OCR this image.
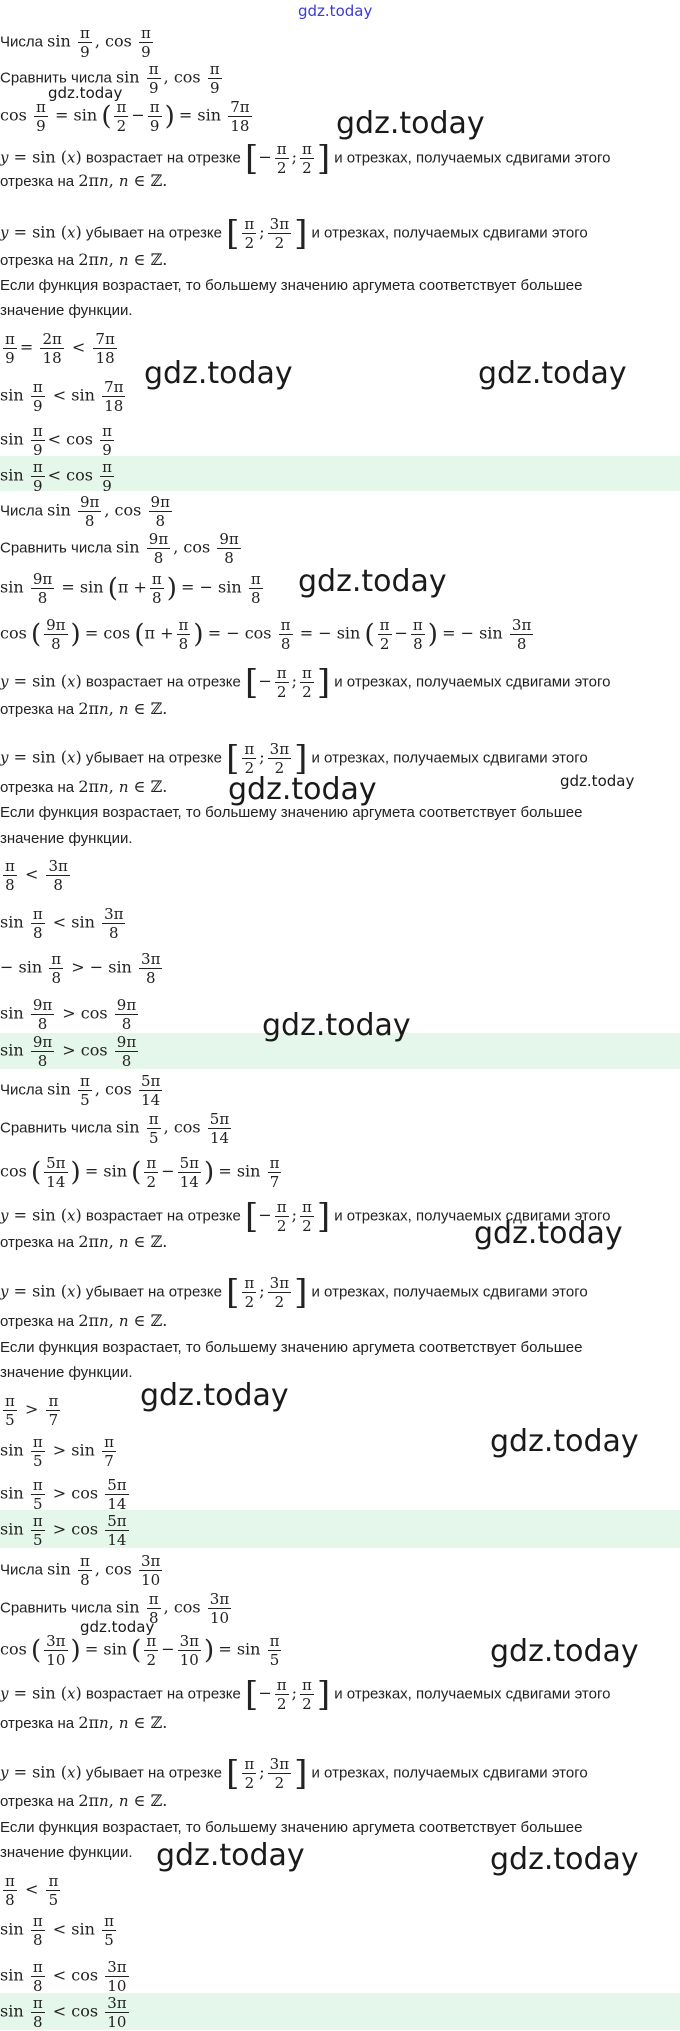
Числа $\sin \frac{\pi}{9}$ , $\cos \frac{\pi}{9}$
Сравнить числа $\sin \frac{\pi}{9}$ , $\cos \frac{\pi}{9}$
$\cos \frac{\pi}{9} = \sin$ ( $\frac{\pi}{2} - \frac{\pi}{9}$ ) = $\sin \frac{7\pi}{18}$
y = sin (x) возрастает на отрезке [− $\frac{\pi}{2}$ ; $\frac{\pi}{2}$ ] и отрезках, получаемых сдвигами этого
отрезка на 2πn, n ∈ ℤ.
y = sin (x) убывает на отрезке [ $\frac{\pi}{2}$ ; $\frac{3\pi}{2}$ ] и отрезках, получаемых сдвигами этого
отрезка на 2πn, n ∈ ℤ.
Если функция возрастает, то большему значению аргумета соответствует большее
значение функции.
$\frac{\pi}{9} = \frac{2\pi}{18} < \frac{7\pi}{18}$
$\sin \frac{\pi}{9} < \sin \frac{7\pi}{18}$
$\sin \frac{\pi}{9} < \cos \frac{\pi}{9}$
$\sin \frac{\pi}{9} < \cos \frac{\pi}{9}$
Числа $\sin \frac{9\pi}{8}$ , $\cos \frac{9\pi}{8}$
Сравнить числа $\sin \frac{9\pi}{8}$ , $\cos \frac{9\pi}{8}$
$\sin \frac{9\pi}{8} = \sin (\pi + \frac{\pi}{8}$ ) = − $\sin \frac{\pi}{8}$
cos ( $\frac{9\pi}{8}$ ) = $\cos (\pi + \frac{\pi}{8}$ ) = − $\cos \frac{\pi}{8}$ = − sin ( $\frac{\pi}{2} - \frac{\pi}{8}$ ) = − $\sin \frac{3\pi}{8}$
y = sin (x) возрастает на отрезке [− $\frac{\pi}{2}$ ; $\frac{\pi}{2}$ ] и отрезках, получаемых сдвигами этого
отрезка на 2πn, n ∈ ℤ.
y = sin (x) убывает на отрезке [ $\frac{\pi}{2}$ ; $\frac{3\pi}{2}$ ] и отрезках, получаемых сдвигами этого
отрезка на 2πn, n ∈ ℤ.
Если функция возрастает, то большему значению аргумета соответствует большее
значение функции.
$\frac{\pi}{8} < \frac{3\pi}{8}$
$\sin \frac{\pi}{8} < \sin \frac{3\pi}{8}$
− $\sin \frac{\pi}{8}$ > − $\sin \frac{3\pi}{8}$
$\sin \frac{9\pi}{8} > \cos \frac{9\pi}{8}$
$\sin \frac{9\pi}{8} > \cos \frac{9\pi}{8}$
Числа $\sin \frac{\pi}{5}$ , $\cos \frac{5\pi}{14}$
Сравнить числа $\sin \frac{\pi}{5}$ , $\cos \frac{5\pi}{14}$
cos ( $\frac{5\pi}{14}$ ) = sin ( $\frac{\pi}{2} - \frac{5\pi}{14}$ ) = $\sin \frac{\pi}{7}$
y = sin (x) возрастает на отрезке [− $\frac{\pi}{2}$ ; $\frac{\pi}{2}$ ] и отрезках, получаемых сдвигами этого
отрезка на 2πn, n ∈ ℤ.
y = sin (x) убывает на отрезке [ $\frac{\pi}{2}$ ; $\frac{3\pi}{2}$ ] и отрезках, получаемых сдвигами этого
отрезка на 2πn, n ∈ ℤ.
Если функция возрастает, то большему значению аргумета соответствует большее
значение функции.
$\frac{\pi}{5} > \frac{\pi}{7}$
$\sin \frac{\pi}{5} > \sin \frac{\pi}{7}$
$\sin \frac{\pi}{5} > \cos \frac{5\pi}{14}$
$\sin \frac{\pi}{5} > \cos \frac{5\pi}{14}$
Числа $\sin \frac{\pi}{8}$ , $\cos \frac{3\pi}{10}$
Сравнить числа $\sin \frac{\pi}{8}$ , $\cos \frac{3\pi}{10}$
cos ( $\frac{3\pi}{10}$ ) = sin ( $\frac{\pi}{2} - \frac{3\pi}{10}$ ) = $\sin \frac{\pi}{5}$
y = sin (x) возрастает на отрезке [− $\frac{\pi}{2}$ ; $\frac{\pi}{2}$ ] и отрезках, получаемых сдвигами этого
отрезка на 2πn, n ∈ ℤ.
y = sin (x) убывает на отрезке [ $\frac{\pi}{2}$ ; $\frac{3\pi}{2}$ ] и отрезках, получаемых сдвигами этого
отрезка на 2πn, n ∈ ℤ.
Если функция возрастает, то большему значению аргумета соответствует большее
значение функции.
$\frac{\pi}{8} < \frac{\pi}{5}$
$\sin \frac{\pi}{8} < \sin \frac{\pi}{5}$
$\sin \frac{\pi}{8} < \cos \frac{3\pi}{10}$
$\sin \frac{\pi}{8} < \cos \frac{3\pi}{10}$
gdz.today
gdz.today
gdz.today
gdz.today	gdz.today
gdz.today
gdz.today	gdz.today
gdz.today
gdz.today
gdz.today
gdz.today
gdz.today
gdz.today
gdz.today	gdz.today
